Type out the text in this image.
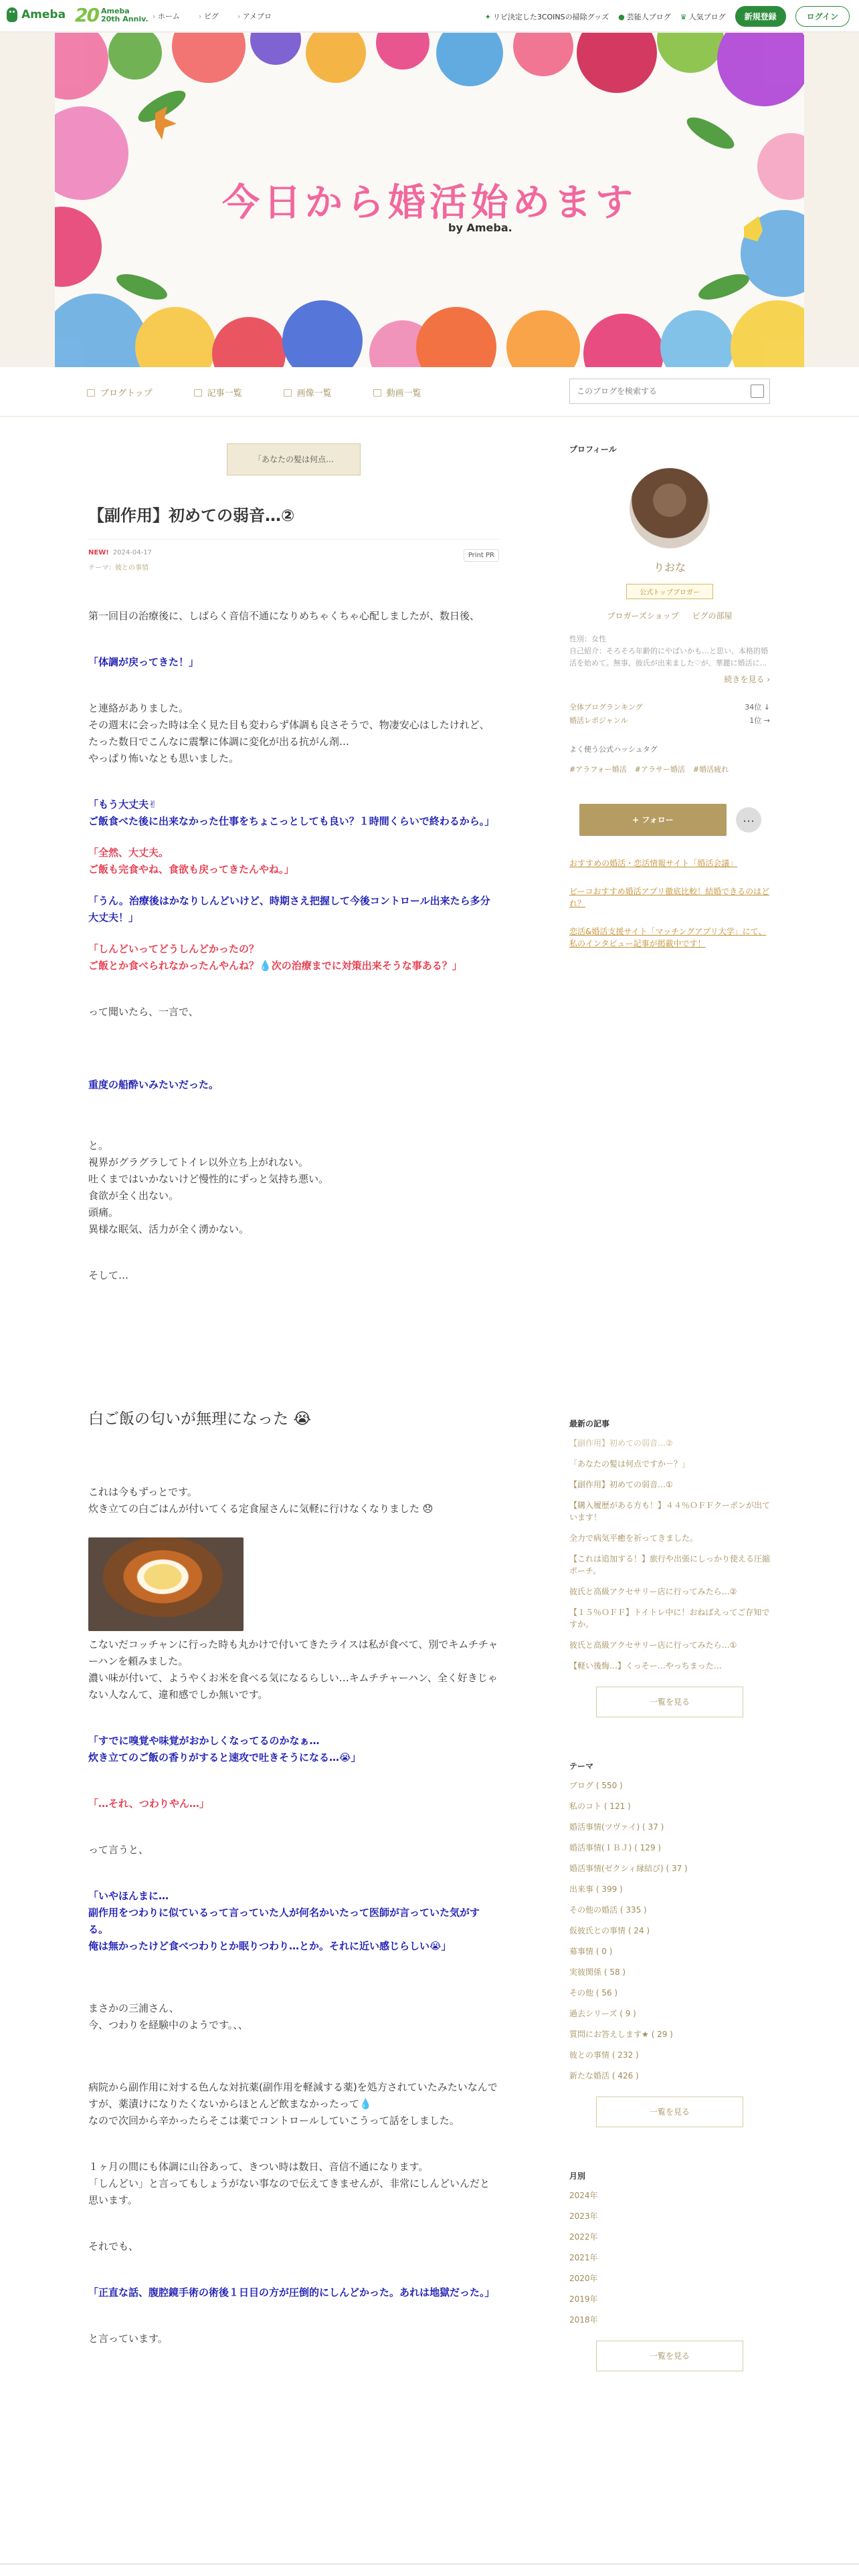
Ameba 20 Ameba
20th Anniv.	› ホーム	› ピグ	› アメブロ	✦ リピ決定した3COINSの掃除グッズ ● 芸能人ブログ ♛ 人気ブログ	新規登録	ログイン
今日から婚活始めます
by Ameba.
ブログトップ	記事一覧	画像一覧	動画一覧
このブログを検索する
「あなたの髪は何点…
【副作用】初めての弱音…②
NEW! 2024-04-17
テーマ：彼との事情
Print PR

第一回目の治療後に、しばらく音信不通になりめちゃくちゃ心配しましたが、数日後、

「体調が戻ってきた！」

と連絡がありました。

その週末に会った時は全く見た目も変わらず体調も良さそうで、物凄安心はしたけれど、たった数日でこんなに震撃に体調に変化が出る抗がん剤…

やっぱり怖いなとも思いました。

「もう大丈夫✌

ご飯食べた後に出来なかった仕事をちょこっとしても良い？１時間くらいで終わるから。」

「全然、大丈夫。

ご飯も完食やね、食欲も戻ってきたんやね。」

「うん。治療後はかなりしんどいけど、時期さえ把握して今後コントロール出来たら多分大丈夫！」

「しんどいってどうしんどかったの？

ご飯とか食べられなかったんやんね？💧次の治療までに対策出来そうな事ある？」

って聞いたら、一言で、

重度の船酔いみたいだった。

と。

視界がグラグラしてトイレ以外立ち上がれない。

吐くまではいかないけど慢性的にずっと気持ち悪い。

食欲が全く出ない。

頭痛。

異様な眠気、活力が全く湧かない。

そして…

白ご飯の匂いが無理になった 😭

これは今もずっとです。

炊き立ての白ごはんが付いてくる定食屋さんに気軽に行けなくなりました 😞

こないだコッチャンに行った時も丸かけで付いてきたライスは私が食べて、別でキムチチャーハンを頼みました。

濃い味が付いて、ようやくお米を食べる気になるらしい…キムチチャーハン、全く好きじゃない人なんて、違和感でしか無いです。

「すでに嗅覚や味覚がおかしくなってるのかなぁ…

炊き立てのご飯の香りがすると速攻で吐きそうになる…😭」

「…それ、つわりやん…」

って言うと、

「いやほんまに…

副作用をつわりに似ているって言っていた人が何名かいたって医師が言っていた気がする。

俺は無かったけど食べつわりとか眠りつわり…とか。それに近い感じらしい😭」

まさかの三浦さん、

今、つわりを経験中のようです。、、

病院から副作用に対する色んな対抗薬(副作用を軽減する薬)を処方されていたみたいなんですが、薬漬けになりたくないからほとんど飲まなかったって💧

なので次回から辛かったらそこは薬でコントロールしていこうって話をしました。

１ヶ月の間にも体調に山谷あって、きつい時は数日、音信不通になります。

「しんどい」と言ってもしょうがない事なので伝えてきませんが、非常にしんどいんだと思います。

それでも、

「正直な話、腹腔鏡手術の術後１日目の方が圧倒的にしんどかった。あれは地獄だった。」

と言っています。

プロフィール
りおな
公式トップブロガー
ブロガーズショップ ピグの部屋
性別：女性
自己紹介：そろそろ年齢的にやばいかも…と思い、本格的婚活を始めて。無事、彼氏が出来ました♡が、華麗に婚活に...
続きを見る ›
全体ブログランキング	34位 ↓
婚活レポジャンル	1位 →
よく使う公式ハッシュタグ
#アラフォー婚活 #アラサー婚活 #婚活疲れ
+ フォロー	…

おすすめの婚活・恋活情報サイト「婚活会議」

ピーコおすすめ婚活アプリ徹底比較！結婚できるのはどれ？

恋活&婚活支援サイト「マッチングアプリ大学」にて、私のインタビュー記事が掲載中です！

最新の記事
【副作用】初めての弱音…②
「あなたの髪は何点ですか－？」
【副作用】初めての弱音…①
【購入履歴がある方も！】４４％ＯＦＦクーポンが出ています！
全力で病気平癒を祈ってきました。
【これは追加する！】旅行や出張にしっかり使える圧縮ポーチ。
彼氏と高級アクセサリー店に行ってみたら…②
【１５％ＯＦＦ】トイトレ中に！おねばえってご存知ですか。
彼氏と高級アクセサリー店に行ってみたら…①
【軽い後悔…】くっそー…やっちまった…
一覧を見る
テーマ
ブログ ( 550 )
私のコト ( 121 )
婚活事情(ツヴァイ) ( 37 )
婚活事情(ＩＢＪ) ( 129 )
婚活事情(ゼクシィ縁結び) ( 37 )
出来事 ( 399 )
その他の婚活 ( 335 )
仮彼氏との事情 ( 24 )
募事情 ( 0 )
実彼関係 ( 58 )
その他 ( 56 )
過去シリーズ ( 9 )
質問にお答えします★ ( 29 )
彼との事情 ( 232 )
新たな婚活 ( 426 )
一覧を見る
月別
2024年
2023年
2022年
2021年
2020年
2019年
2018年
一覧を見る
